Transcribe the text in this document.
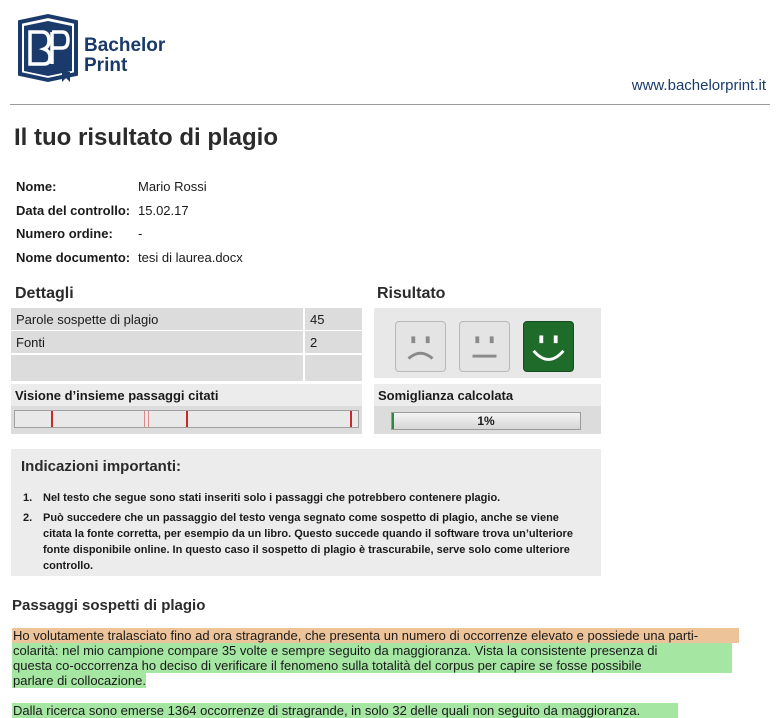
Bachelor
Print
www.bachelorprint.it
Il tuo risultato di plagio
Nome:	Mario Rossi
Data del controllo: 15.02.17
Numero ordine:	-
Nome documento: tesi di laurea.docx
Dettagli
Parole sospette di plagio	45
Fonti	2
Visione d’insieme passaggi citati
Risultato
Somiglianza calcolata
1%
Indicazioni importanti:
1. Nel testo che segue sono stati inseriti solo i passaggi che potrebbero contenere plagio.
2. Può succedere che un passaggio del testo venga segnato come sospetto di plagio, anche se viene citata la fonte corretta, per esempio da un libro. Questo succede quando il software trova un’ulteriore fonte disponibile online. In questo caso il sospetto di plagio è trascurabile, serve solo come ulteriore controllo.
Passaggi sospetti di plagio
Ho volutamente tralasciato fino ad ora stragrande, che presenta un numero di occorrenze elevato e possiede una parti-
colarità: nel mio campione compare 35 volte e sempre seguito da maggioranza. Vista la consistente presenza di
questa co-occorrenza ho deciso di verificare il fenomeno sulla totalità del corpus per capire se fosse possibile
parlare di collocazione.
Dalla ricerca sono emerse 1364 occorrenze di stragrande, in solo 32 delle quali non seguito da maggioranza.
